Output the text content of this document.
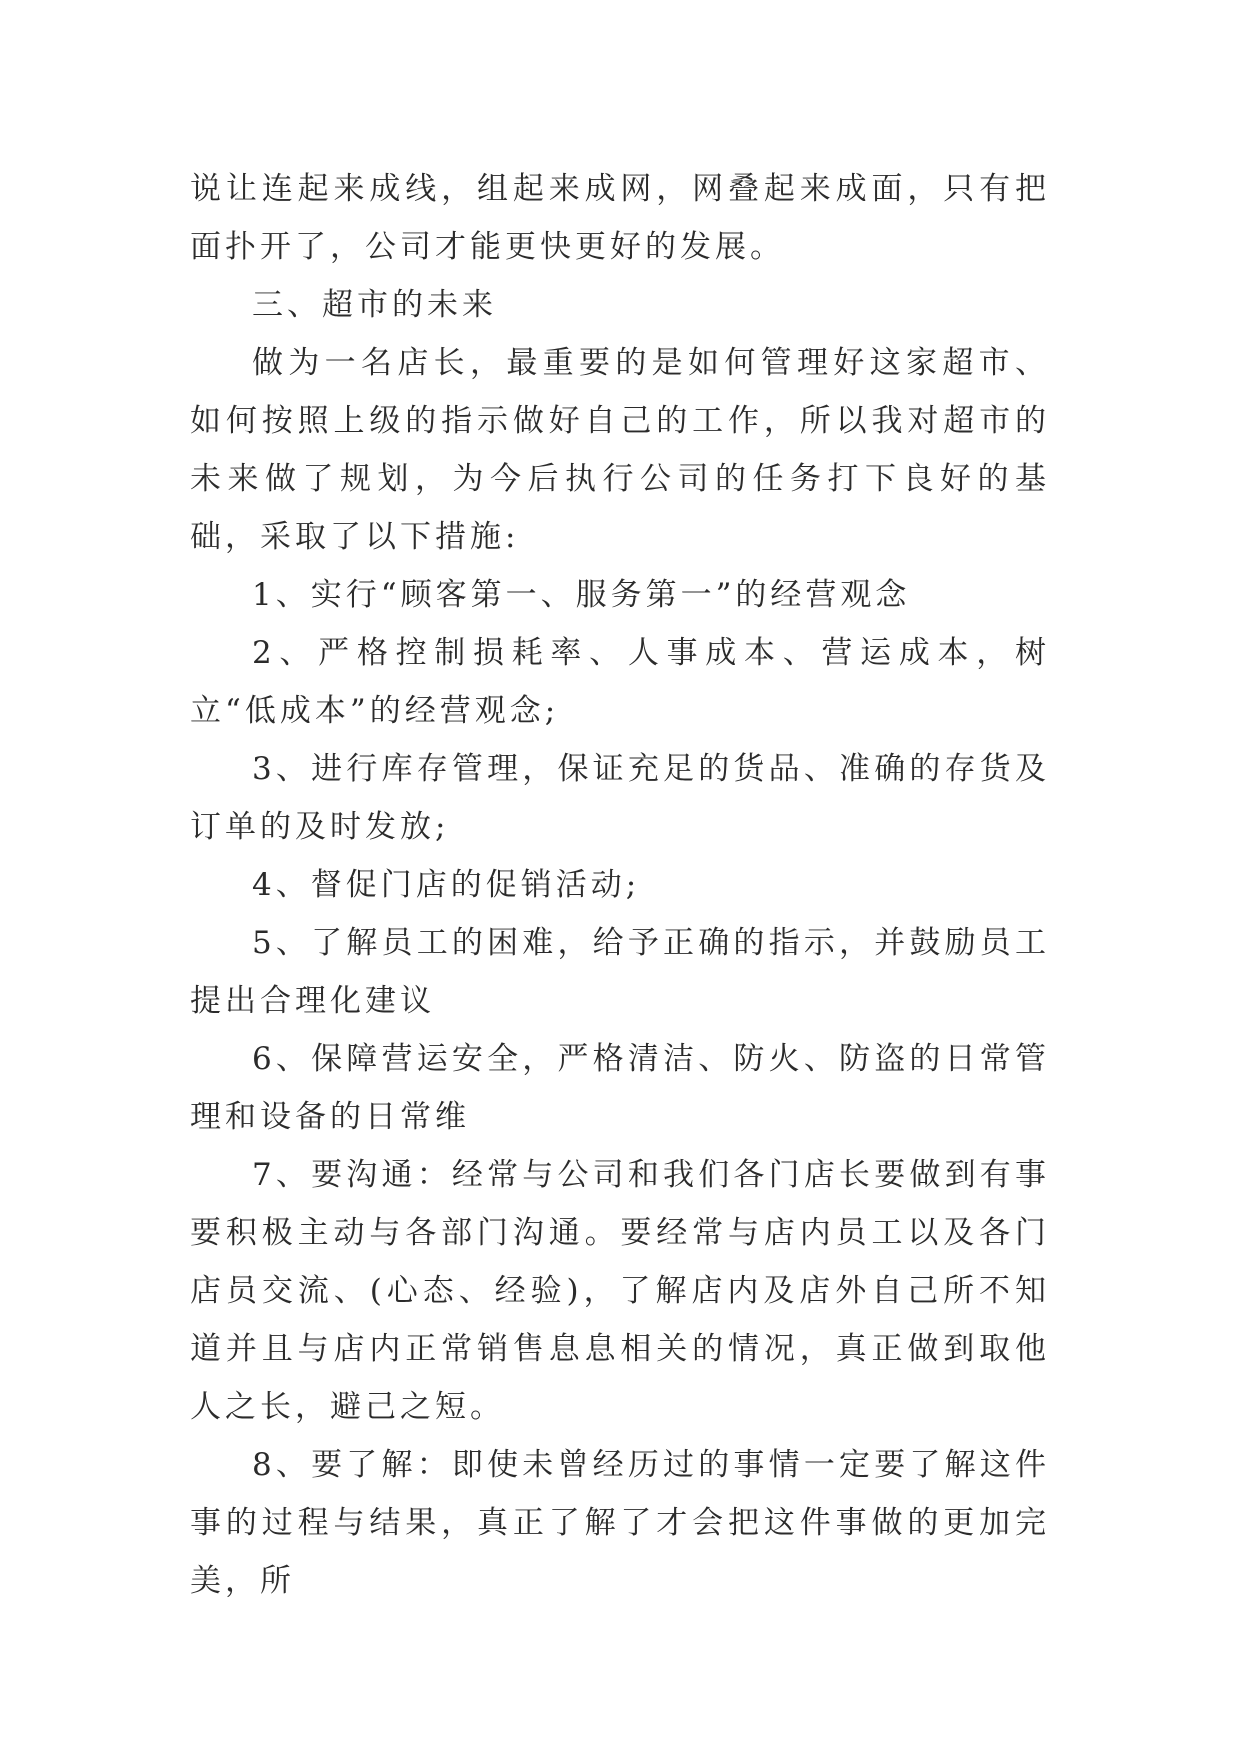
说让连起来成线，组起来成网，网叠起来成面，只有把面扑开了，公司才能更快更好的发展。

三、超市的未来

做为一名店长，最重要的是如何管理好这家超市、如何按照上级的指示做好自己的工作，所以我对超市的未来做了规划，为今后执行公司的任务打下良好的基础，采取了以下措施:

1、实行“顾客第一、服务第一”的经营观念

2、严格控制损耗率、人事成本、营运成本，树立“低成本”的经营观念;

3、进行库存管理，保证充足的货品、准确的存货及订单的及时发放;

4、督促门店的促销活动;

5、了解员工的困难，给予正确的指示，并鼓励员工提出合理化建议

6、保障营运安全，严格清洁、防火、防盗的日常管理和设备的日常维

7、要沟通：经常与公司和我们各门店长要做到有事要积极主动与各部门沟通。要经常与店内员工以及各门店员交流、(心态、经验)，了解店内及店外自己所不知道并且与店内正常销售息息相关的情况，真正做到取他人之长，避己之短。

8、要了解：即使未曾经历过的事情一定要了解这件事的过程与结果，真正了解了才会把这件事做的更加完美，所
